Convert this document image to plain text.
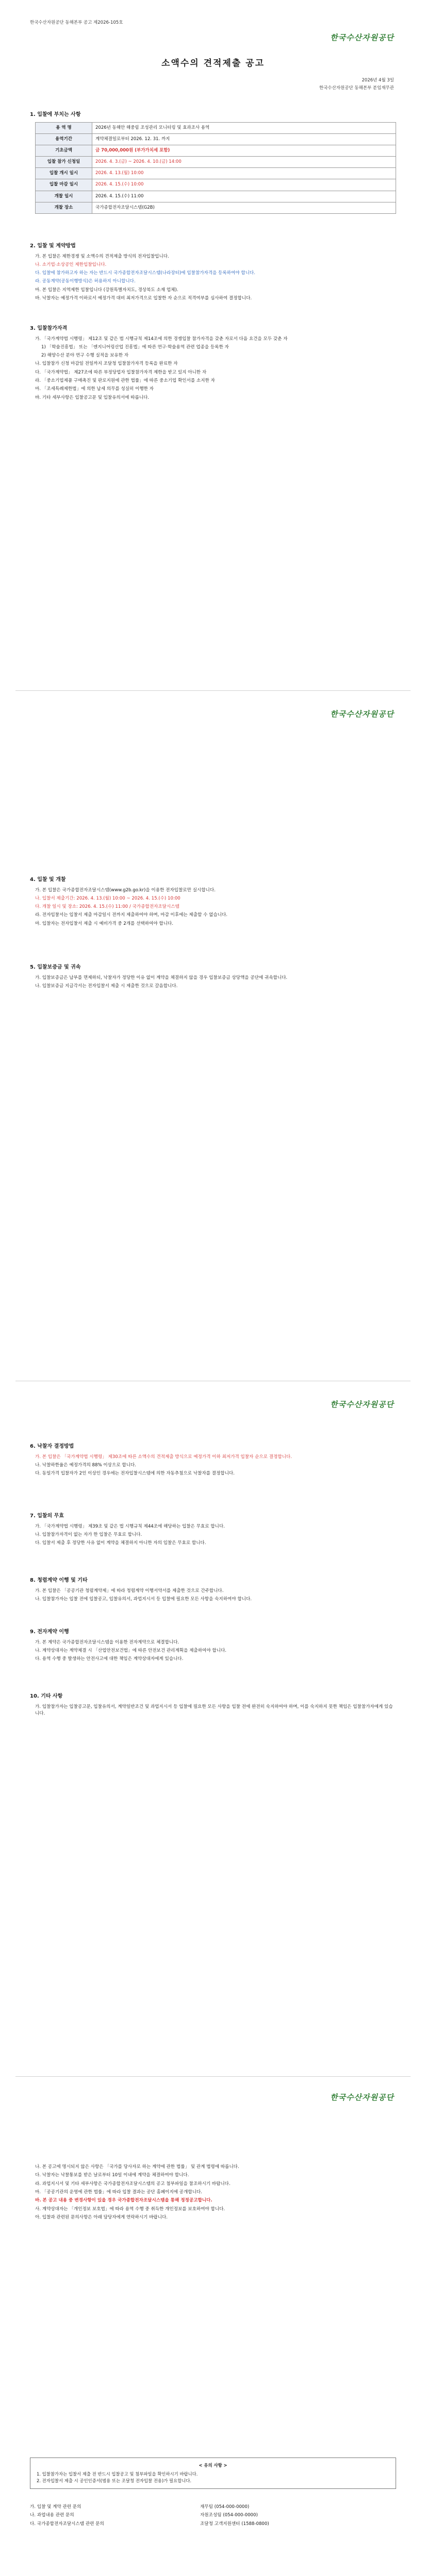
한국수산자원공단 동해본부 공고 제2026-105호
한국수산자원공단
소액수의 견적제출 공고
2026년 4월 3일
한국수산자원공단 동해본부 분임재무관
1. 입찰에 부치는 사항
용 역 명	2026년 동해안 해중림 조성관리 모니터링 및 효과조사 용역
용역기간	계약체결일로부터 2026. 12. 31. 까지
기초금액	금 70,000,000원 (부가가치세 포함)
입찰 참가 신청일	2026. 4. 3.(금) ~ 2026. 4. 10.(금) 14:00
입찰 개시 일시	2026. 4. 13.(월) 10:00
입찰 마감 일시	2026. 4. 15.(수) 10:00
개찰 일시	2026. 4. 15.(수) 11:00
개찰 장소	국가종합전자조달시스템(G2B)
2. 입찰 및 계약방법
가. 본 입찰은 제한경쟁 및 소액수의 견적제출 방식의 전자입찰입니다.
나. 소기업·소상공인 제한입찰입니다.
다. 입찰에 참가하고자 하는 자는 반드시 국가종합전자조달시스템(나라장터)에 입찰참가자격을 등록하여야 합니다.
라. 공동계약(공동이행방식)은 허용하지 아니합니다.
마. 본 입찰은 지역제한 입찰입니다 (강원특별자치도, 경상북도 소재 업체).
바. 낙찰자는 예정가격 이하로서 예정가격 대비 최저가격으로 입찰한 자 순으로 적격여부를 심사하여 결정합니다.
3. 입찰참가자격
가. 「국가계약법 시행령」 제12조 및 같은 법 시행규칙 제14조에 의한 경쟁입찰 참가자격을 갖춘 자로서 다음 요건을 모두 갖춘 자
1) 「학술진흥법」 또는 「엔지니어링산업 진흥법」에 따른 연구·학술용역 관련 업종을 등록한 자
2) 해양수산 분야 연구 수행 실적을 보유한 자
나. 입찰참가 신청 마감일 전일까지 조달청 입찰참가자격 등록을 완료한 자
다. 「국가계약법」 제27조에 따른 부정당업자 입찰참가자격 제한을 받고 있지 아니한 자
라. 「중소기업제품 구매촉진 및 판로지원에 관한 법률」에 따른 중소기업 확인서를 소지한 자
마. 「조세특례제한법」에 의한 납세 의무를 성실히 이행한 자
바. 기타 세부사항은 입찰공고문 및 입찰유의서에 따릅니다.
한국수산자원공단
4. 입찰 및 개찰
가. 본 입찰은 국가종합전자조달시스템(www.g2b.go.kr)을 이용한 전자입찰로만 실시합니다.
나. 입찰서 제출기간: 2026. 4. 13.(월) 10:00 ~ 2026. 4. 15.(수) 10:00
다. 개찰 일시 및 장소: 2026. 4. 15.(수) 11:00 / 국가종합전자조달시스템
라. 전자입찰서는 입찰서 제출 마감일시 전까지 제출하여야 하며, 마감 이후에는 제출할 수 없습니다.
마. 입찰자는 전자입찰서 제출 시 예비가격 중 2개를 선택하여야 합니다.
5. 입찰보증금 및 귀속
가. 입찰보증금은 납부를 면제하되, 낙찰자가 정당한 이유 없이 계약을 체결하지 않을 경우 입찰보증금 상당액을 공단에 귀속합니다.
나. 입찰보증금 지급각서는 전자입찰서 제출 시 제출한 것으로 갈음합니다.
한국수산자원공단
6. 낙찰자 결정방법
가. 본 입찰은 「국가계약법 시행령」 제30조에 따른 소액수의 견적제출 방식으로 예정가격 이하 최저가격 입찰자 순으로 결정합니다.
나. 낙찰하한율은 예정가격의 88% 이상으로 합니다.
다. 동일가격 입찰자가 2인 이상인 경우에는 전자입찰시스템에 의한 자동추첨으로 낙찰자를 결정합니다.
7. 입찰의 무효
가. 「국가계약법 시행령」 제39조 및 같은 법 시행규칙 제44조에 해당하는 입찰은 무효로 합니다.
나. 입찰참가자격이 없는 자가 한 입찰은 무효로 합니다.
다. 입찰서 제출 후 정당한 사유 없이 계약을 체결하지 아니한 자의 입찰은 무효로 합니다.
8. 청렴계약 이행 및 기타
가. 본 입찰은 「공공기관 청렴계약제」에 따라 청렴계약 이행서약서를 제출한 것으로 간주합니다.
나. 입찰참가자는 입찰 전에 입찰공고, 입찰유의서, 과업지시서 등 입찰에 필요한 모든 사항을 숙지하여야 합니다.
9. 전자계약 이행
가. 본 계약은 국가종합전자조달시스템을 이용한 전자계약으로 체결합니다.
나. 계약상대자는 계약체결 시 「산업안전보건법」에 따른 안전보건 관리계획을 제출하여야 합니다.
다. 용역 수행 중 발생하는 안전사고에 대한 책임은 계약상대자에게 있습니다.
10. 기타 사항
가. 입찰참가자는 입찰공고문, 입찰유의서, 계약일반조건 및 과업지시서 등 입찰에 필요한 모든 사항을 입찰 전에 완전히 숙지하여야 하며, 이를 숙지하지 못한 책임은 입찰참가자에게 있습니다.
한국수산자원공단
나. 본 공고에 명시되지 않은 사항은 「국가를 당사자로 하는 계약에 관한 법률」 및 관계 법령에 따릅니다.
다. 낙찰자는 낙찰통보를 받은 날로부터 10일 이내에 계약을 체결하여야 합니다.
라. 과업지시서 및 기타 세부사항은 국가종합전자조달시스템의 공고 첨부파일을 참조하시기 바랍니다.
마. 「공공기관의 운영에 관한 법률」에 따라 입찰 결과는 공단 홈페이지에 공개합니다.
바. 본 공고 내용 중 변경사항이 있을 경우 국가종합전자조달시스템을 통해 정정공고합니다.
사. 계약상대자는 「개인정보 보호법」에 따라 용역 수행 중 취득한 개인정보를 보호하여야 합니다.
아. 입찰과 관련된 문의사항은 아래 담당자에게 연락하시기 바랍니다.
< 유의 사항 >
1. 입찰참가자는 입찰서 제출 전 반드시 입찰공고 및 첨부파일을 확인하시기 바랍니다.
2. 전자입찰서 제출 시 공인인증서(범용 또는 조달청 전자입찰 전용)가 필요합니다.
가. 입찰 및 계약 관련 문의	재무팀 (054-000-0000)
나. 과업내용 관련 문의	자원조성팀 (054-000-0000)
다. 국가종합전자조달시스템 관련 문의	조달청 고객지원센터 (1588-0800)
